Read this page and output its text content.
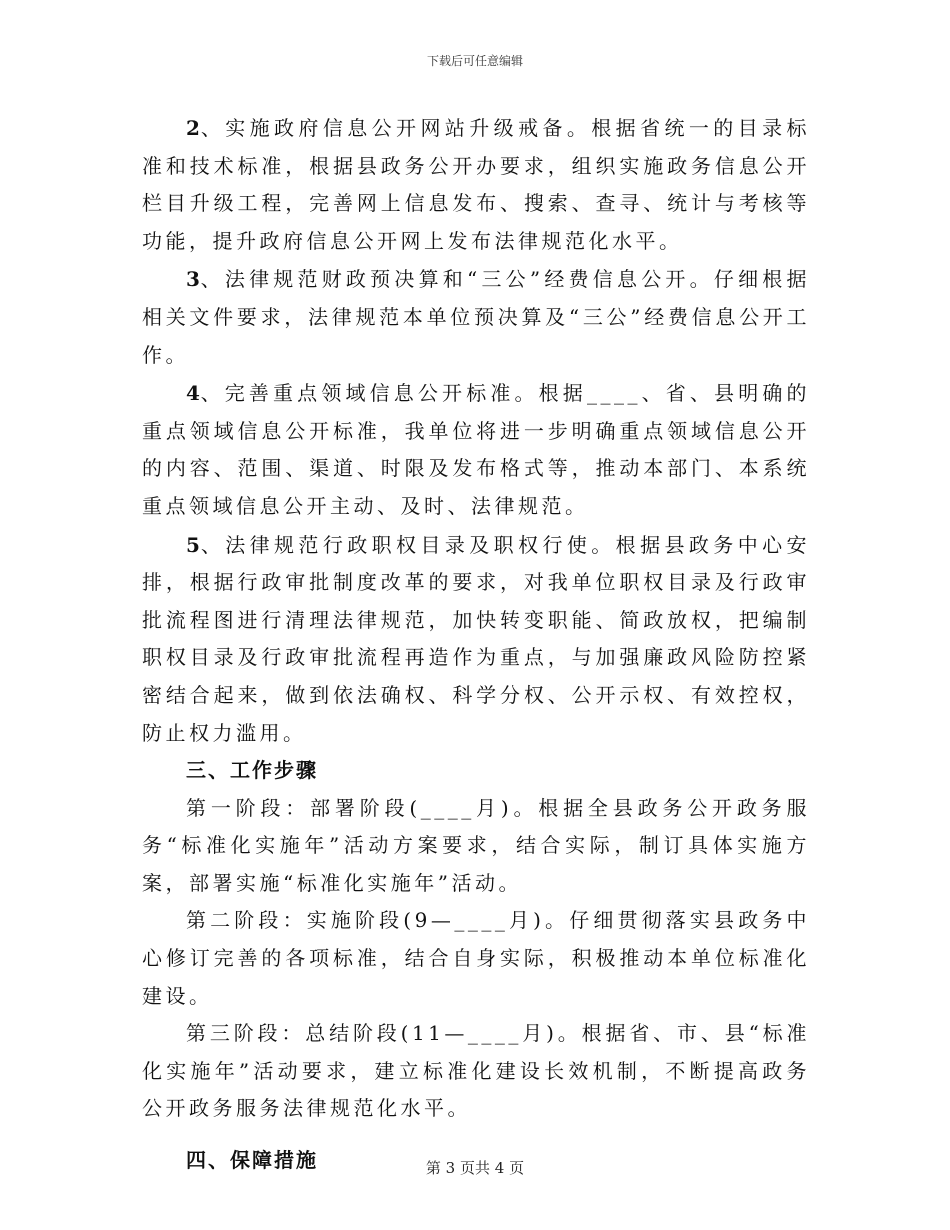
下载后可任意编辑

2、实施政府信息公开网站升级戒备。根据省统一的目录标准和技术标准，根据县政务公开办要求，组织实施政务信息公开栏目升级工程，完善网上信息发布、搜索、查寻、统计与考核等功能，提升政府信息公开网上发布法律规范化水平。

3、法律规范财政预决算和“三公”经费信息公开。仔细根据相关文件要求，法律规范本单位预决算及“三公”经费信息公开工作。

4、完善重点领域信息公开标准。根据____、省、县明确的重点领域信息公开标准，我单位将进一步明确重点领域信息公开的内容、范围、渠道、时限及发布格式等，推动本部门、本系统重点领域信息公开主动、及时、法律规范。

5、法律规范行政职权目录及职权行使。根据县政务中心安排，根据行政审批制度改革的要求，对我单位职权目录及行政审批流程图进行清理法律规范，加快转变职能、简政放权，把编制职权目录及行政审批流程再造作为重点，与加强廉政风险防控紧密结合起来，做到依法确权、科学分权、公开示权、有效控权，防止权力滥用。

三、工作步骤

第一阶段：部署阶段(____月)。根据全县政务公开政务服务“标准化实施年”活动方案要求，结合实际，制订具体实施方案，部署实施“标准化实施年”活动。

第二阶段：实施阶段(9—____月)。仔细贯彻落实县政务中心修订完善的各项标准，结合自身实际，积极推动本单位标准化建设。

第三阶段：总结阶段(11—____月)。根据省、市、县“标准化实施年”活动要求，建立标准化建设长效机制，不断提高政务公开政务服务法律规范化水平。

四、保障措施	第 3 页共 4 页
